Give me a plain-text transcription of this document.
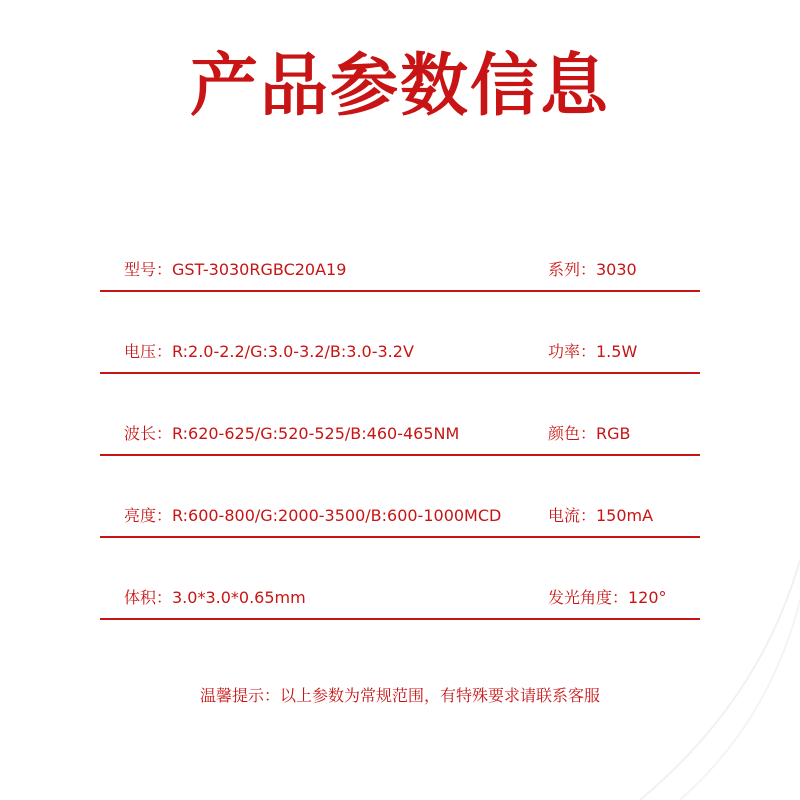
产品参数信息
型号：GST-3030RGBC20A19	系列：3030
电压：R:2.0-2.2/G:3.0-3.2/B:3.0-3.2V	功率：1.5W
波长：R:620-625/G:520-525/B:460-465NM	颜色：RGB
亮度：R:600-800/G:2000-3500/B:600-1000MCD	电流：150mA
体积：3.0*3.0*0.65mm	发光角度：120°
温馨提示：以上参数为常规范围，有特殊要求请联系客服
